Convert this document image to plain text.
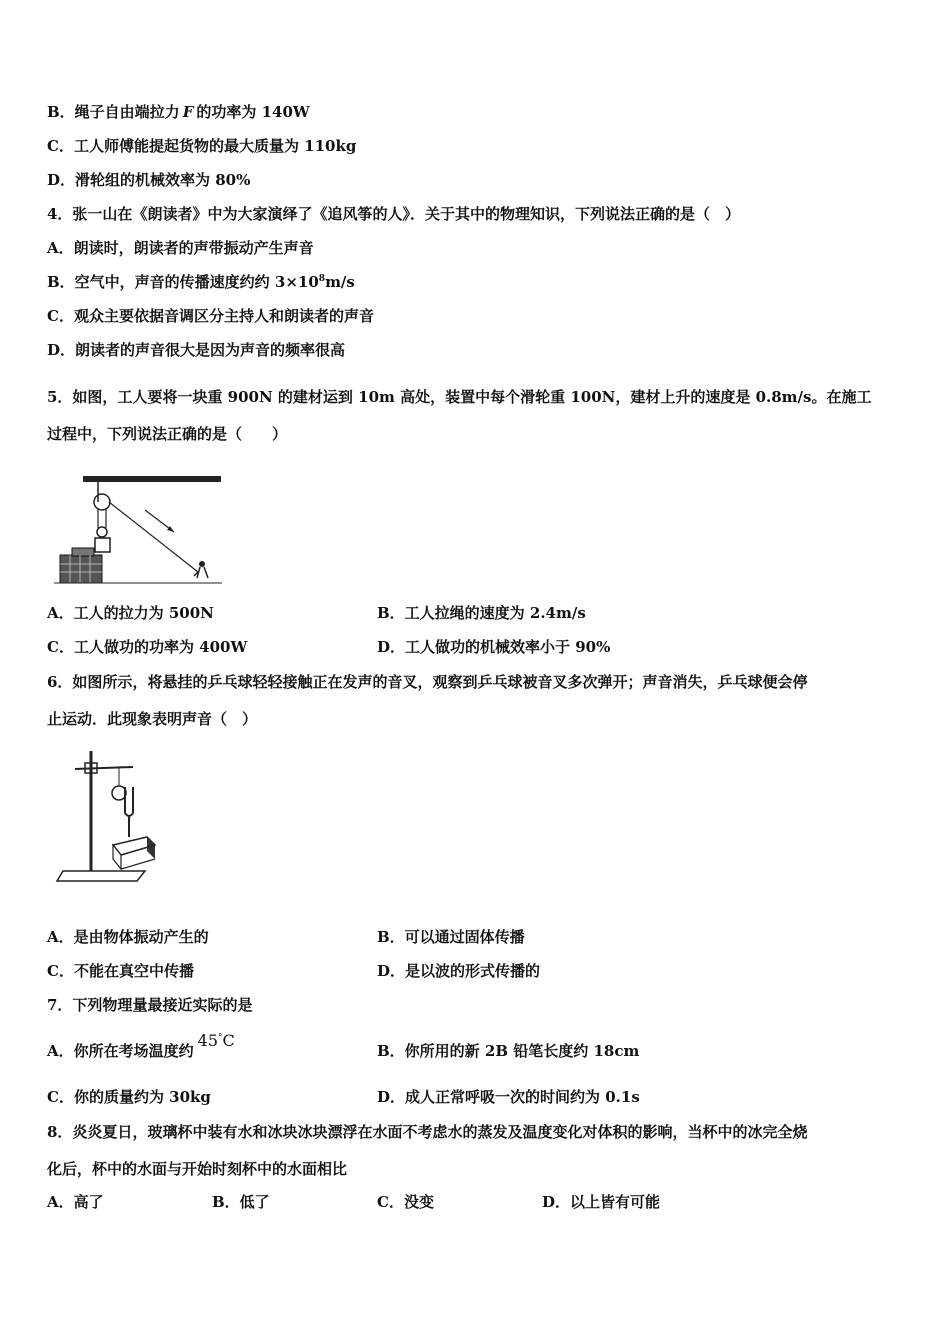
B．绳子自由端拉力 F 的功率为 140W
C．工人师傅能提起货物的最大质量为 110kg
D．滑轮组的机械效率为 80%
4．张一山在《朗读者》中为大家演绎了《追风筝的人》．关于其中的物理知识，下列说法正确的是（　）
A．朗读时，朗读者的声带振动产生声音
B．空气中，声音的传播速度约约 $3\times 10^8m/s$
C．观众主要依据音调区分主持人和朗读者的声音
D．朗读者的声音很大是因为声音的频率很高
5．如图，工人要将一块重 900N 的建材运到 10m 高处，装置中每个滑轮重 100N，建材上升的速度是 0.8m/s。在施工
过程中，下列说法正确的是（　　）
A．工人的拉力为 500N	B．工人拉绳的速度为 2.4m/s
C．工人做功的功率为 400W	D．工人做功的机械效率小于 90%
6．如图所示，将悬挂的乒乓球轻轻接触正在发声的音叉，观察到乒乓球被音叉多次弹开；声音消失，乒乓球便会停
止运动．此现象表明声音（　）
A．是由物体振动产生的	B．可以通过固体传播
C．不能在真空中传播	D．是以波的形式传播的
7．下列物理量最接近实际的是
A．你所在考场温度约45°C
B．你所用的新 2B 铅笔长度约 18cm
C．你的质量约为 30kg	D．成人正常呼吸一次的时间约为 0.1s
8．炎炎夏日，玻璃杯中装有水和冰块冰块漂浮在水面不考虑水的蒸发及温度变化对体积的影响，当杯中的冰完全烧
化后，杯中的水面与开始时刻杯中的水面相比
A．高了	B．低了	C．没变	D．以上皆有可能
